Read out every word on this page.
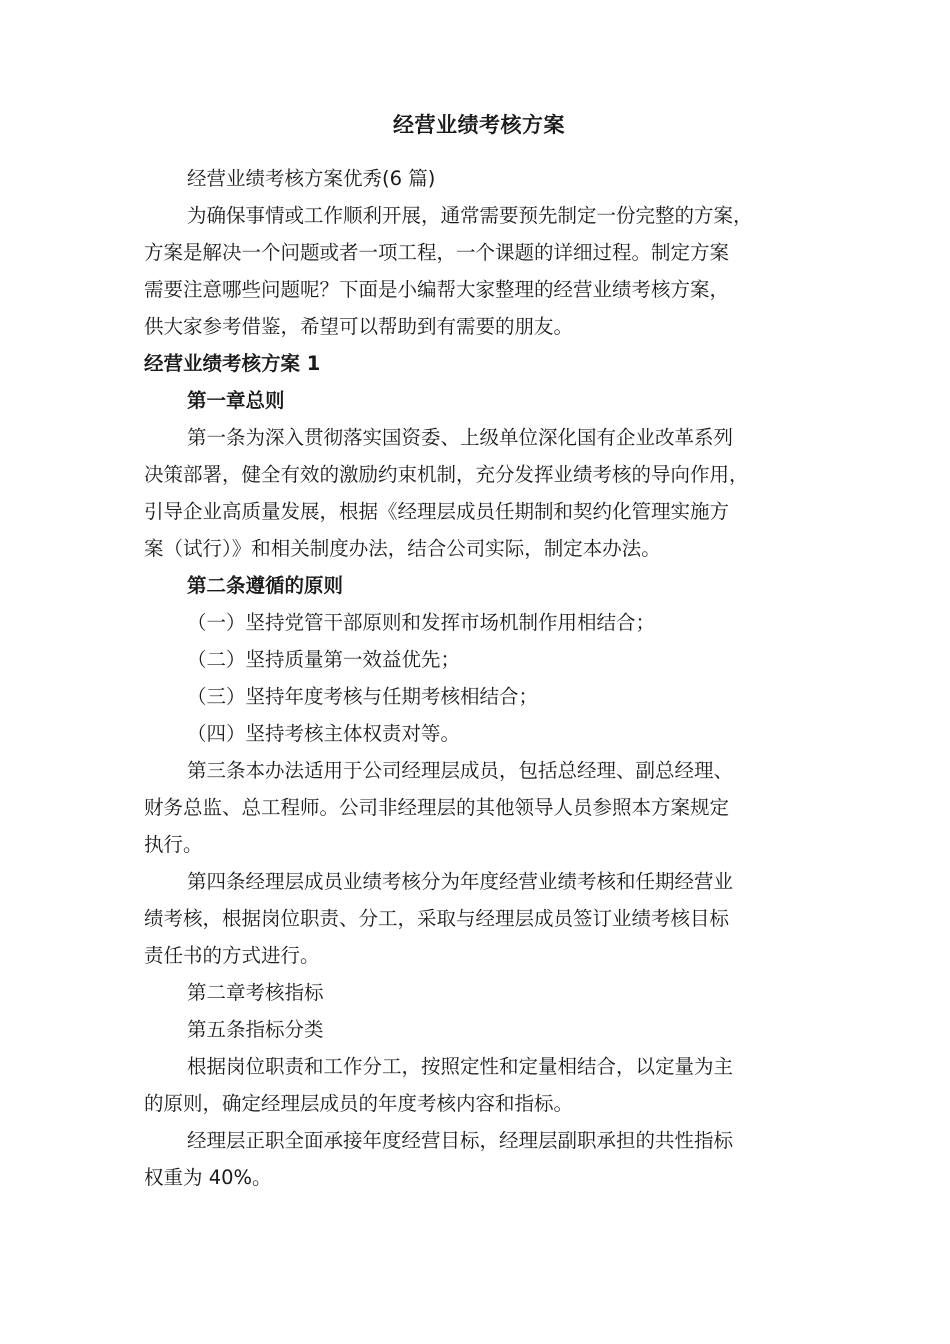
经营业绩考核方案

经营业绩考核方案优秀(6 篇)

为确保事情或工作顺利开展，通常需要预先制定一份完整的方案，

方案是解决一个问题或者一项工程，一个课题的详细过程。制定方案

需要注意哪些问题呢？下面是小编帮大家整理的经营业绩考核方案，

供大家参考借鉴，希望可以帮助到有需要的朋友。

经营业绩考核方案 1

第一章总则

第一条为深入贯彻落实国资委、上级单位深化国有企业改革系列

决策部署，健全有效的激励约束机制，充分发挥业绩考核的导向作用，

引导企业高质量发展，根据《经理层成员任期制和契约化管理实施方

案（试行）》和相关制度办法，结合公司实际，制定本办法。

第二条遵循的原则

（一）坚持党管干部原则和发挥市场机制作用相结合；

（二）坚持质量第一效益优先；

（三）坚持年度考核与任期考核相结合；

（四）坚持考核主体权责对等。

第三条本办法适用于公司经理层成员，包括总经理、副总经理、

财务总监、总工程师。公司非经理层的其他领导人员参照本方案规定

执行。

第四条经理层成员业绩考核分为年度经营业绩考核和任期经营业

绩考核，根据岗位职责、分工，采取与经理层成员签订业绩考核目标

责任书的方式进行。

第二章考核指标

第五条指标分类

根据岗位职责和工作分工，按照定性和定量相结合，以定量为主

的原则，确定经理层成员的年度考核内容和指标。

经理层正职全面承接年度经营目标，经理层副职承担的共性指标

权重为 40%。
